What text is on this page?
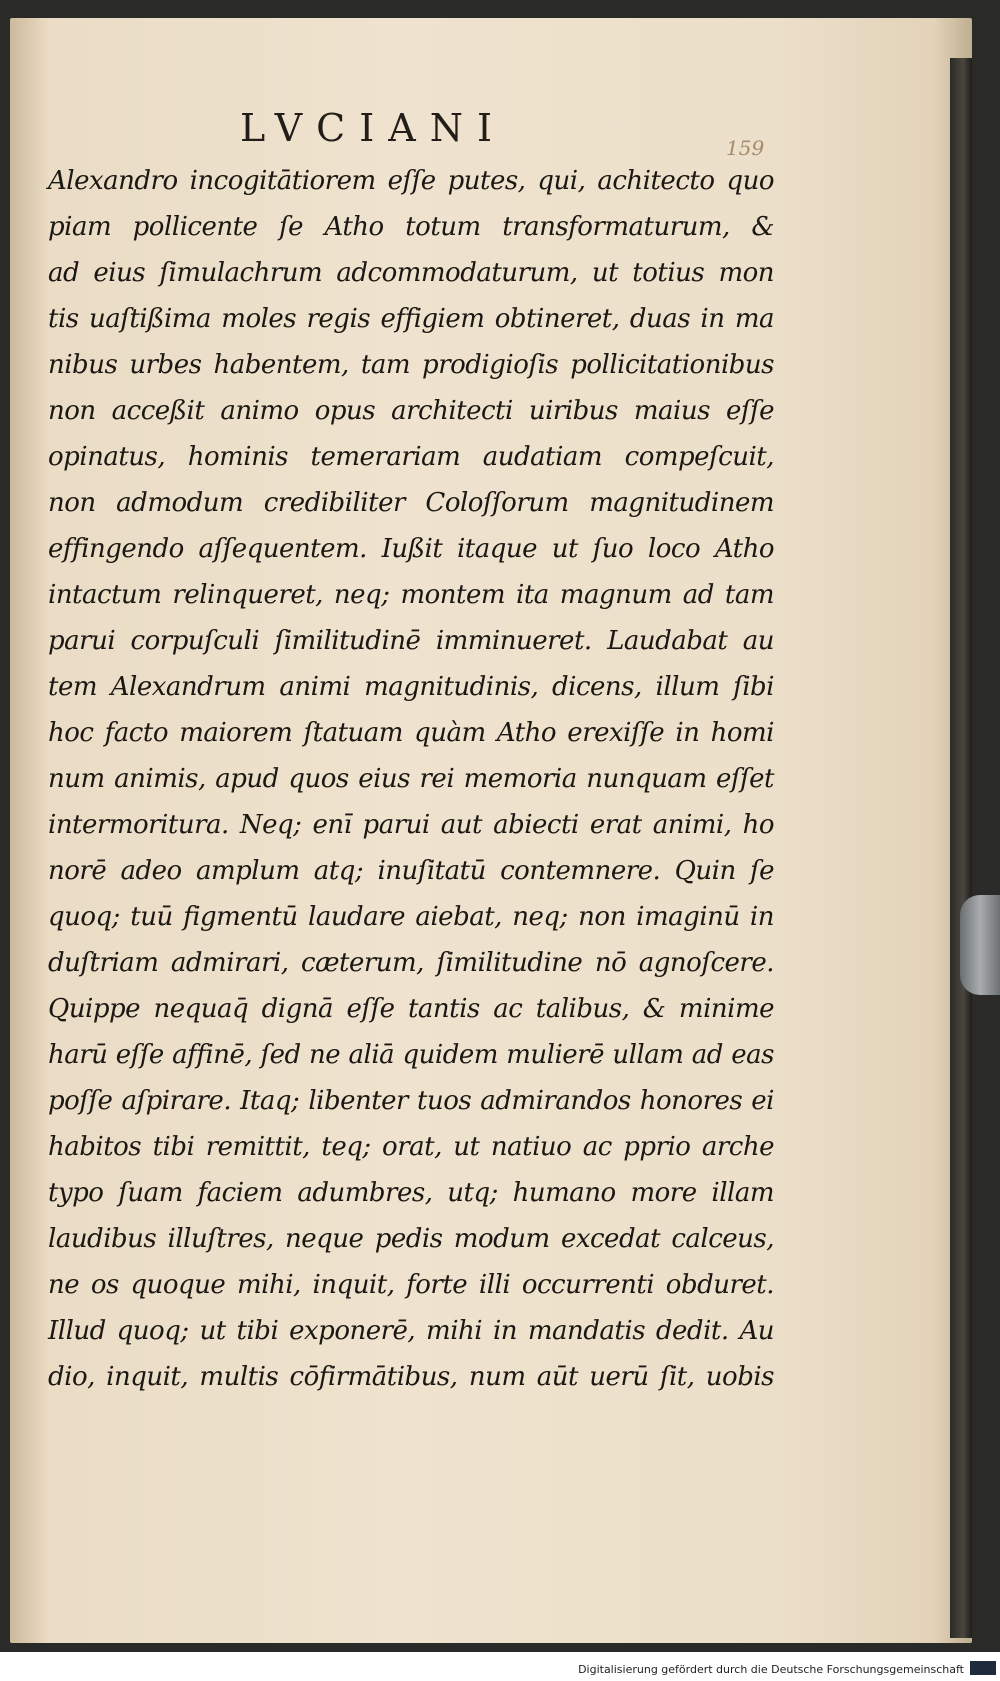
LVCIANI	159
Alexandro incogitātiorem eſſe putes, qui, achitecto quo
piam pollicente ſe Atho totum transformaturum, &
ad eius ſimulachrum adcommodaturum, ut totius mon
tis uaſtißima moles regis effigiem obtineret, duas in ma
nibus urbes habentem, tam prodigioſis pollicitationibus
non acceßit animo opus architecti uiribus maius eſſe
opinatus, hominis temerariam audatiam compeſcuit,
non admodum credibiliter Coloſſorum magnitudinem
effingendo aſſequentem. Iußit itaque ut ſuo loco Atho
intactum relinqueret, neq; montem ita magnum ad tam
parui corpuſculi ſimilitudinē imminueret. Laudabat au
tem Alexandrum animi magnitudinis, dicens, illum ſibi
hoc facto maiorem ſtatuam quàm Atho erexiſſe in homi
num animis, apud quos eius rei memoria nunquam eſſet
intermoritura. Neq; enī parui aut abiecti erat animi, ho
norē adeo amplum atq; inuſitatū contemnere. Quin ſe
quoq; tuū figmentū laudare aiebat, neq; non imaginū in
duſtriam admirari, cæterum, ſimilitudine nō agnoſcere.
Quippe nequaq̄ dignā eſſe tantis ac talibus, & minime
harū eſſe affinē, ſed ne aliā quidem mulierē ullam ad eas
poſſe aſpirare. Itaq; libenter tuos admirandos honores ei
habitos tibi remittit, teq; orat, ut natiuo ac pprio arche
typo ſuam faciem adumbres, utq; humano more illam
laudibus illuſtres, neque pedis modum excedat calceus,
ne os quoque mihi, inquit, forte illi occurrenti obduret.
Illud quoq; ut tibi exponerē, mihi in mandatis dedit. Au
dio, inquit, multis cōfirmātibus, num aūt uerū ſit, uobis
Digitalisierung gefördert durch die Deutsche Forschungsgemeinschaft
